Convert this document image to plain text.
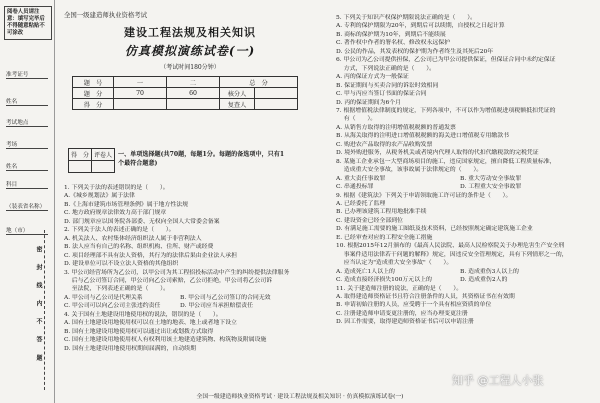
阅卷人员请注意：填写完毕后不得随意粘贴不可涂改
准考证号
姓名
考试地点
考场
姓名
科目
（装表省名称）
地（市）
密 封 线 内 不 答 题
全国一级建造师执业资格考试
建设工程法规及相关知识
仿真模拟演练试卷(一)
（考试时间180分钟）
题　号	一	二	总　分	
题　分	70	60	核分人	
得　分			复查人	
得　分	评卷人
	一、单项选择题(共70题，每题1分。每题的备选项中，只有1个最符合题意)
1. 下列关于法的表述错误的是（　　）。
A.《城乡规划法》属于法律
B.《上海市建筑市场管理条例》属于地方性法规
C. 地方政府规章法律效力高于部门规章
D. 部门规章应以国务院各部委、无权向全国人大常委会备案
2. 下列关于法人的表述正确的是（　　）。
A. 机关法人、农村集体经济组织法人属于非营利法人
B. 法人应当有自己的名称、组织机构、住所、财产或经费
C. 项目经理部不具有法人资格，其行为的法律后果由企业法人承担
D. 建设单位可以不设立法人资格的其他组织
3. 甲公司经营场所为乙公司，以甲公司为其工程招投标活动中产生的纠纷提供法律服务
　 后与乙公司签订合同，甲公司向乙公司索赔，乙公司拒绝，甲公司将乙公司诉
　 至法院，下列表述正确的是（　　）。
A. 甲公司与乙公司是代理关系	B. 甲公司与乙公司签订的合同无效
C. 甲公司可以向乙公司主张违约责任	D. 甲公司应当承担赔偿责任
4. 关于国有土地建设用地使用权的说法，错误的是（　　）。
A. 国有土地建设用地使用权可以在土地的地表、地上或者地下设立
B. 国有土地建设用地使用权可以通过出让或划拨方式取得
C. 国有土地建设用地使用权人有权利用该土地建造建筑物、构筑物及附属设施
D. 国有土地建设用地使用权期间届满的，自动续期
5. 下列关于知识产权保护期限说法正确的是（　　）。
A. 专利的保护期限为20年，到期后可以续期，自授权之日起计算
B. 商标的保护期为10年，到期后不能续展
C. 著作权中作者的署名权、修改权永远保护
D. 公民的作品，其发表权的保护期为作者终生及其死后20年
6. 甲公司为乙公司提供担保，乙公司已为甲公司提供保证，但保证合同中未约定保证
　 方式，下列说法正确的是（　　）。
A. 丙的保证方式为一般保证
B. 保证期间与买卖合同的诉讼时效相同
C. 甲与丙应当签订书面的保证合同
D. 丙的保证期间为6个月
7. 根据增值税法律制度的规定，下列各项中，不可以作为增值税进项税额抵扣凭证的
　 有（　　）。
A. 从销售方取得的注明增值税税额的普通发票
B. 从海关取得的注明进口增值税税额的海关进口增值税专用缴款书
C. 购进农产品取得的农产品收购发票
D. 境外购进服务，从税务机关或者境内代理人取得的代扣代缴税款的完税凭证
8. 某施工企业承包一大型商场项目的施工，违反国家规定，擅自降低工程质量标准，
　 造成重大安全事故，该事故属于法律规定的（　　）。
A. 重大责任事故罪	B. 重大劳动安全事故罪
C. 串通投标罪	D. 工程重大安全事故罪
9. 根据《建筑法》下列关于申请领取施工许可证的条件是（　　）。
A. 已经委托了监理
B. 已办理该建筑工程用地批准手续
C. 建设资金已经全部到位
D. 有满足施工需要的施工图纸及技术资料，已经按照规定确定建筑施工企业
E. 已经审查对应的工程安全施工措施
10. 根据2015年12月颁布的《最高人民法院、最高人民检察院关于办理危害生产安全刑
　 事案件适用法律若干问题的解释》规定，因违反安全管理规定，具有下列情形之一的，
　 应当认定为"造成重大安全事故"（　　）。
A. 造成死亡1人以上的	B. 造成重伤3人以上的
C. 造成直接经济损失100万元以上的	D. 造成重伤2人的
11. 关于建造师注册的说法，正确的是（　　）。
A. 取得建造师资格证书且符合注册条件的人员，其资格证书在有效期
B. 申请初始注册的人员，应受聘于一个具有相应资质的单位
C. 注册建造师申请变更注册的，应当办理变更注册
D. 因工作需要，取得建造师资格证书后可以申请注册
全国一级建造师执业资格考试 · 建设工程法规及相关知识 · 仿真模拟演练试卷(一)
知乎 @工程人小张
